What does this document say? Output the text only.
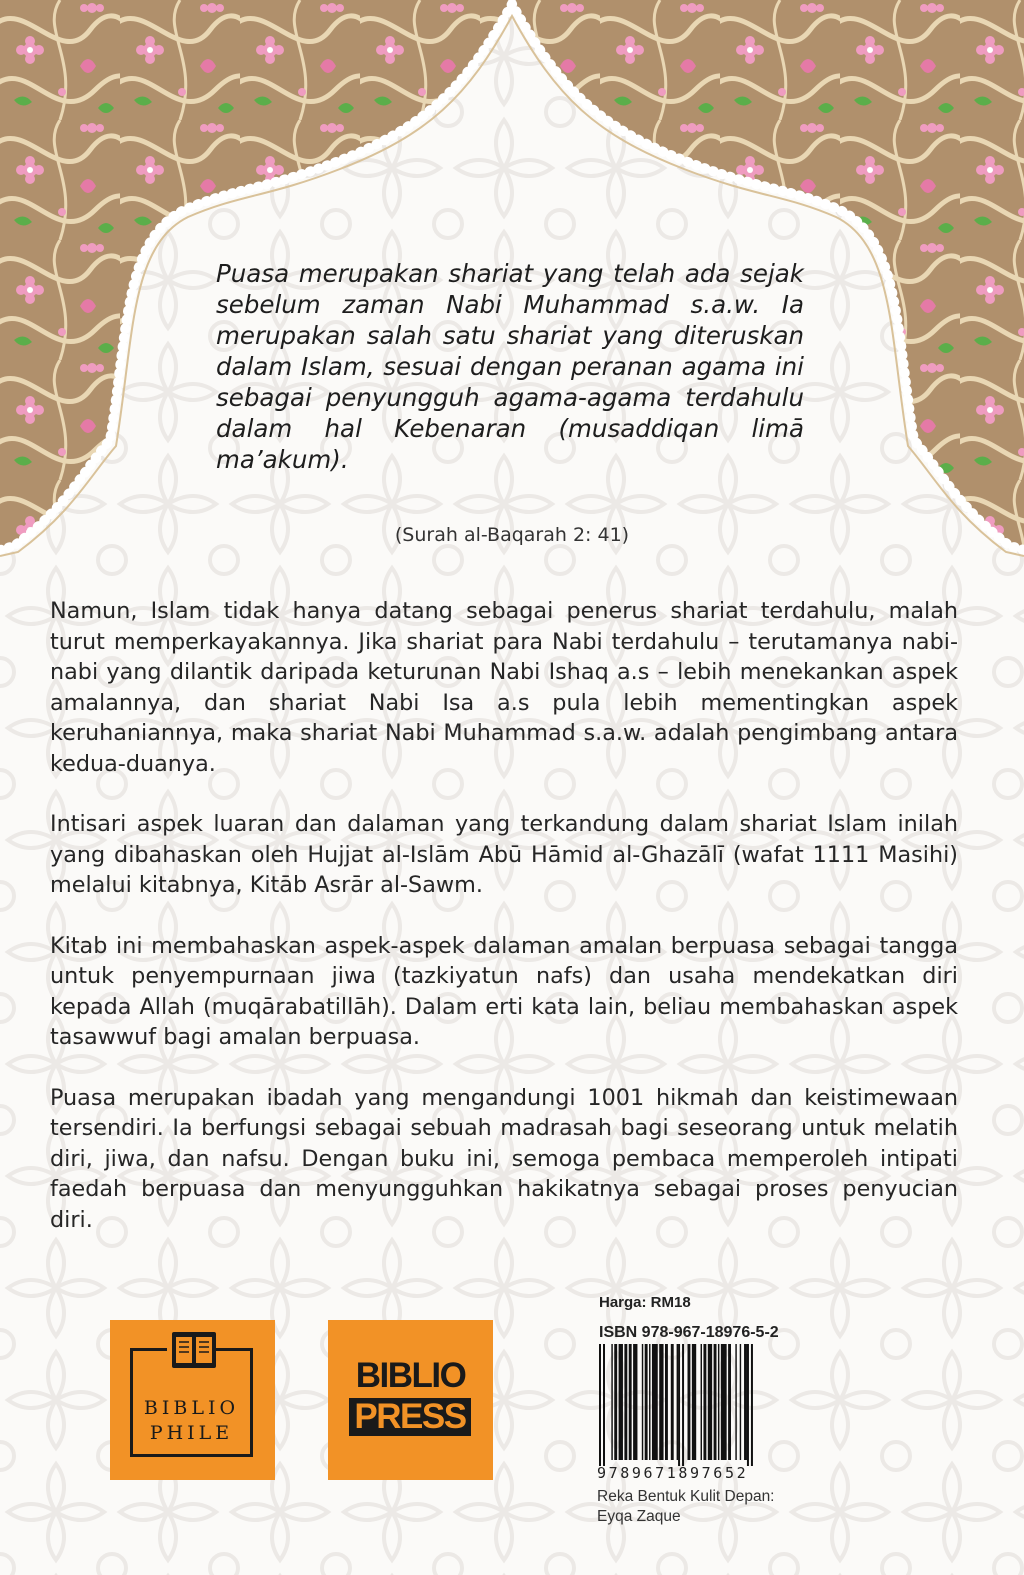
Puasa merupakan shariat yang telah ada sejak sebelum zaman Nabi Muhammad s.a.w. Ia merupakan salah satu shariat yang diteruskan dalam Islam, sesuai dengan peranan agama ini sebagai penyungguh agama-agama terdahulu dalam hal Kebenaran (musaddiqan limā ma’akum).
(Surah al-Baqarah 2: 41)

Namun, Islam tidak hanya datang sebagai penerus shariat terdahulu, malah turut memperkayakannya. Jika shariat para Nabi terdahulu – terutamanya nabi-nabi yang dilantik daripada keturunan Nabi Ishaq a.s – lebih menekankan aspek amalannya, dan shariat Nabi Isa a.s pula lebih mementingkan aspek keruhaniannya, maka shariat Nabi Muhammad s.a.w. adalah pengimbang antara kedua-duanya.

Intisari aspek luaran dan dalaman yang terkandung dalam shariat Islam inilah yang dibahaskan oleh Hujjat al-Islām Abū Hāmid al-Ghazālī (wafat 1111 Masihi) melalui kitabnya, Kitāb Asrār al-Sawm.

Kitab ini membahaskan aspek-aspek dalaman amalan berpuasa sebagai tangga untuk penyempurnaan jiwa (tazkiyatun nafs) dan usaha mendekatkan diri kepada Allah (muqārabatillāh). Dalam erti kata lain, beliau membahaskan aspek tasawwuf bagi amalan berpuasa.

Puasa merupakan ibadah yang mengandungi 1001 hikmah dan keistimewaan tersendiri. Ia berfungsi sebagai sebuah madrasah bagi seseorang untuk melatih diri, jiwa, dan nafsu. Dengan buku ini, semoga pembaca memperoleh intipati faedah berpuasa dan menyungguhkan hakikatnya sebagai proses penyucian diri.

BIBLIO
PHILE
BIBLIO
PRESS
Harga: RM18
ISBN 978-967-18976-5-2
9789671897652
Reka Bentuk Kulit Depan:
Eyqa Zaque
